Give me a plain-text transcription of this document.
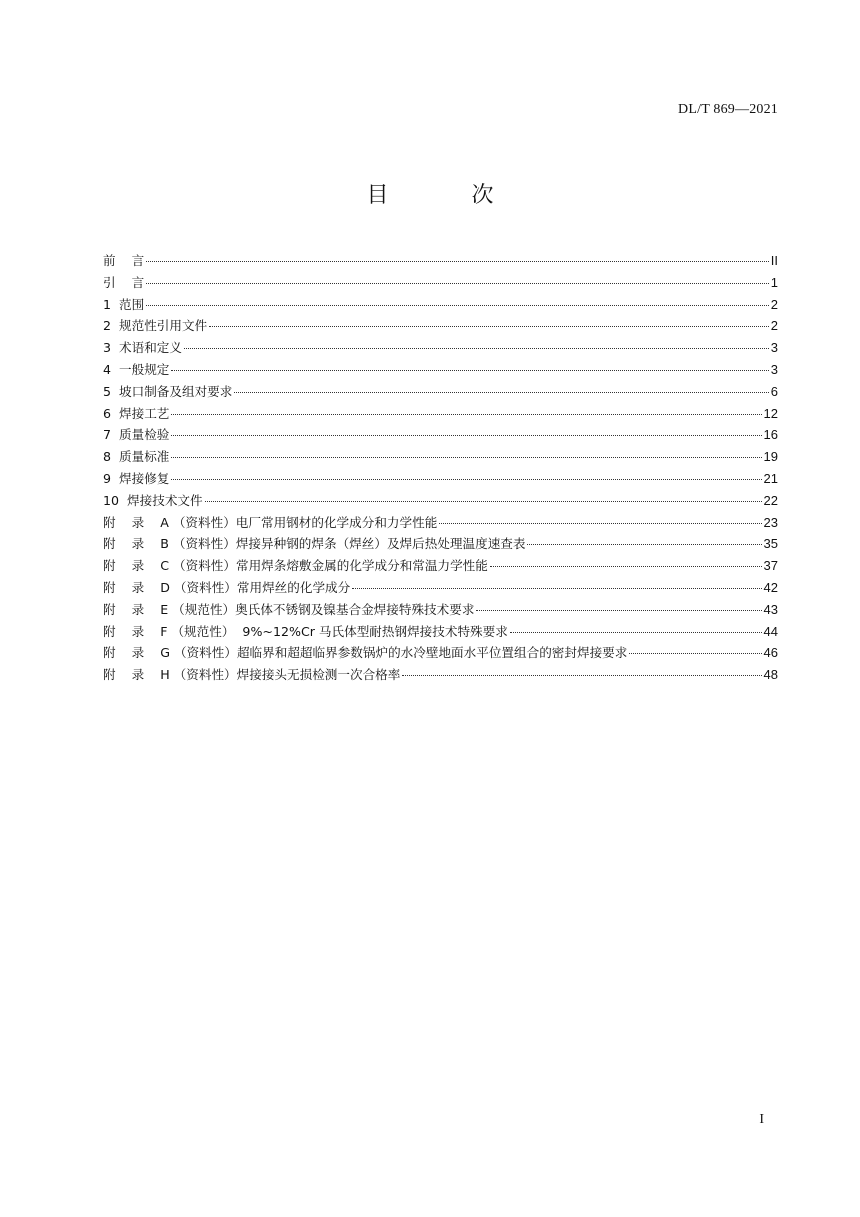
DL/T 869—2021
目 次
前    言	II
引    言	1
1  范围	2
2  规范性引用文件	2
3  术语和定义	3
4  一般规定	3
5  坡口制备及组对要求	6
6  焊接工艺	12
7  质量检验	16
8  质量标准	19
9  焊接修复	21
10  焊接技术文件	22
附    录    A （资料性）电厂常用钢材的化学成分和力学性能	23
附    录    B （资料性）焊接异种钢的焊条（焊丝）及焊后热处理温度速查表	35
附    录    C （资料性）常用焊条熔敷金属的化学成分和常温力学性能	37
附    录    D （资料性）常用焊丝的化学成分	42
附    录    E （规范性）奥氏体不锈钢及镍基合金焊接特殊技术要求	43
附    录    F （规范性）  9%~12%Cr 马氏体型耐热钢焊接技术特殊要求	44
附    录    G （资料性）超临界和超超临界参数锅炉的水冷壁地面水平位置组合的密封焊接要求	46
附    录    H （资料性）焊接接头无损检测一次合格率	48
I
